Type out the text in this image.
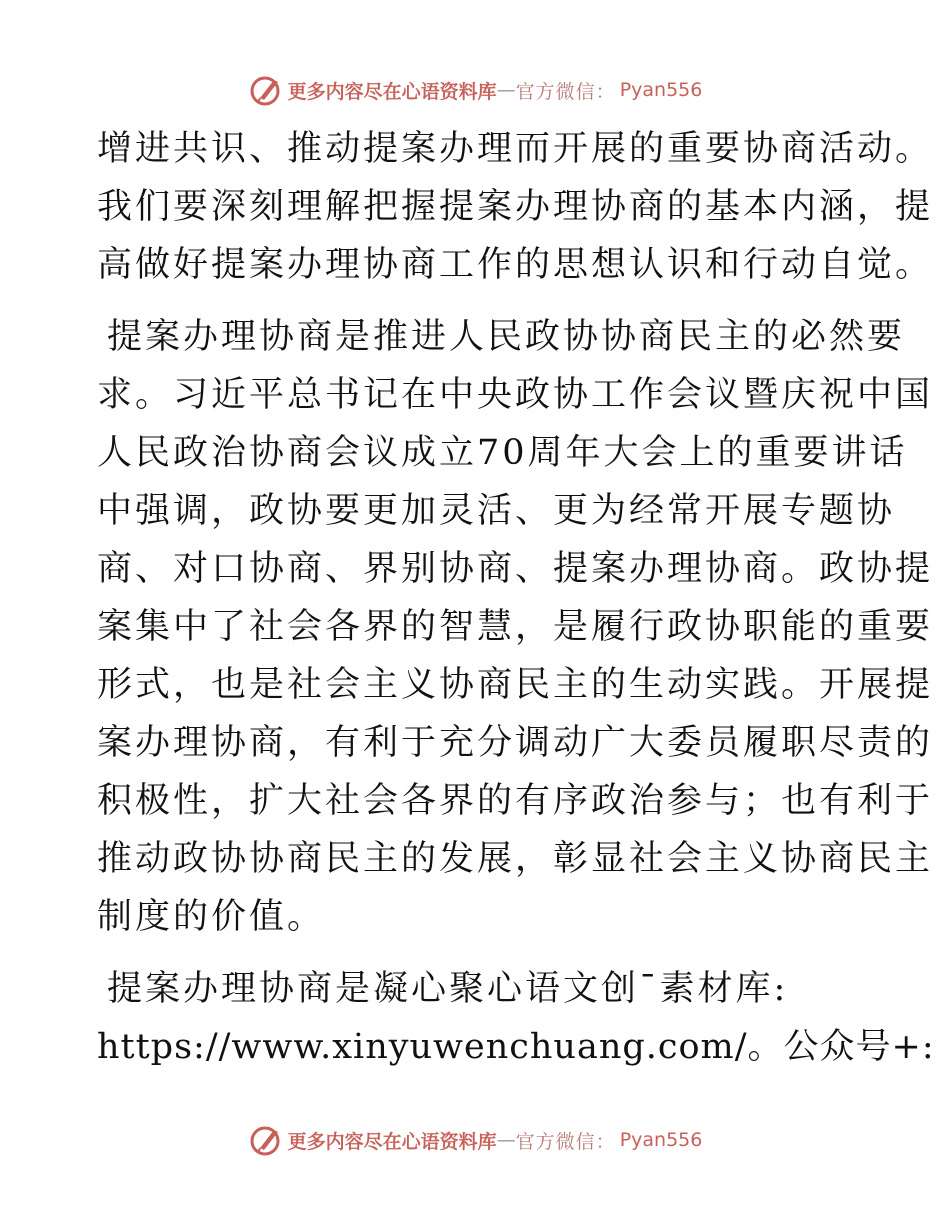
更多内容尽在心语资料库 — 官方微信： Pyan556
增进共识、推动提案办理而开展的重要协商活动。
我们要深刻理解把握提案办理协商的基本内涵，提
高做好提案办理协商工作的思想认识和行动自觉。
提案办理协商是推进人民政协协商民主的必然要
求。习近平总书记在中央政协工作会议暨庆祝中国
人民政治协商会议成立70周年大会上的重要讲话
中强调，政协要更加灵活、更为经常开展专题协
商、对口协商、界别协商、提案办理协商。政协提
案集中了社会各界的智慧，是履行政协职能的重要
形式，也是社会主义协商民主的生动实践。开展提
案办理协商，有利于充分调动广大委员履职尽责的
积极性，扩大社会各界的有序政治参与；也有利于
推动政协协商民主的发展，彰显社会主义协商民主
制度的价值。
提案办理协商是凝心聚心语文创¯素材库:
https://www.xinyuwenchuang.com/。公众号+:
更多内容尽在心语资料库 — 官方微信： Pyan556
